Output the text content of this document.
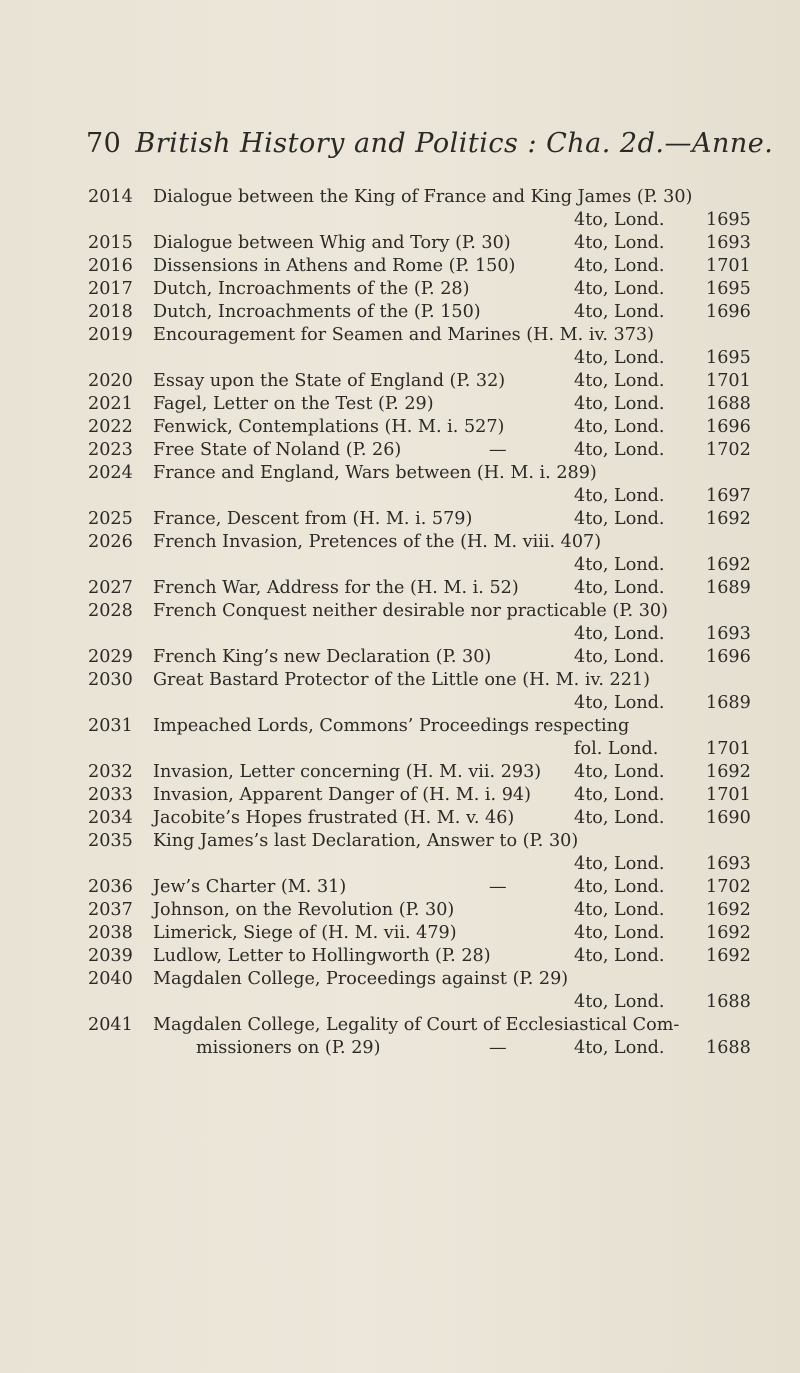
70 British History and Politics : Cha. 2d.—Anne.
2014	Dialogue between the King of France and King James (P. 30)
4to, Lond. 1695
2015	Dialogue between Whig and Tory (P. 30)	4to, Lond. 1693
2016	Dissensions in Athens and Rome (P. 150)	4to, Lond. 1701
2017	Dutch, Incroachments of the (P. 28)	4to, Lond. 1695
2018	Dutch, Incroachments of the (P. 150)	4to, Lond. 1696
2019	Encouragement for Seamen and Marines (H. M. iv. 373)
4to, Lond. 1695
2020	Essay upon the State of England (P. 32)	4to, Lond. 1701
2021	Fagel, Letter on the Test (P. 29)	4to, Lond. 1688
2022	Fenwick, Contemplations (H. M. i. 527)	4to, Lond. 1696
2023	Free State of Noland (P. 26)	—	4to, Lond. 1702
2024	France and England, Wars between (H. M. i. 289)
4to, Lond. 1697
2025	France, Descent from (H. M. i. 579)	4to, Lond. 1692
2026	French Invasion, Pretences of the (H. M. viii. 407)
4to, Lond. 1692
2027	French War, Address for the (H. M. i. 52)	4to, Lond. 1689
2028	French Conquest neither desirable nor practicable (P. 30)
4to, Lond. 1693
2029	French King’s new Declaration (P. 30)	4to, Lond. 1696
2030	Great Bastard Protector of the Little one (H. M. iv. 221)
4to, Lond. 1689
2031	Impeached Lords, Commons’ Proceedings respecting
fol. Lond.	1701
2032	Invasion, Letter concerning (H. M. vii. 293) 4to, Lond. 1692
2033	Invasion, Apparent Danger of (H. M. i. 94) 4to, Lond. 1701
2034	Jacobite’s Hopes frustrated (H. M. v. 46)	4to, Lond. 1690
2035	King James’s last Declaration, Answer to (P. 30)
4to, Lond. 1693
2036	Jew’s Charter (M. 31)	—	4to, Lond. 1702
2037	Johnson, on the Revolution (P. 30)	4to, Lond. 1692
2038	Limerick, Siege of (H. M. vii. 479)	4to, Lond. 1692
2039	Ludlow, Letter to Hollingworth (P. 28)	4to, Lond. 1692
2040	Magdalen College, Proceedings against (P. 29)
4to, Lond. 1688
2041	Magdalen College, Legality of Court of Ecclesiastical Com-
missioners on (P. 29)	—	4to, Lond. 1688
